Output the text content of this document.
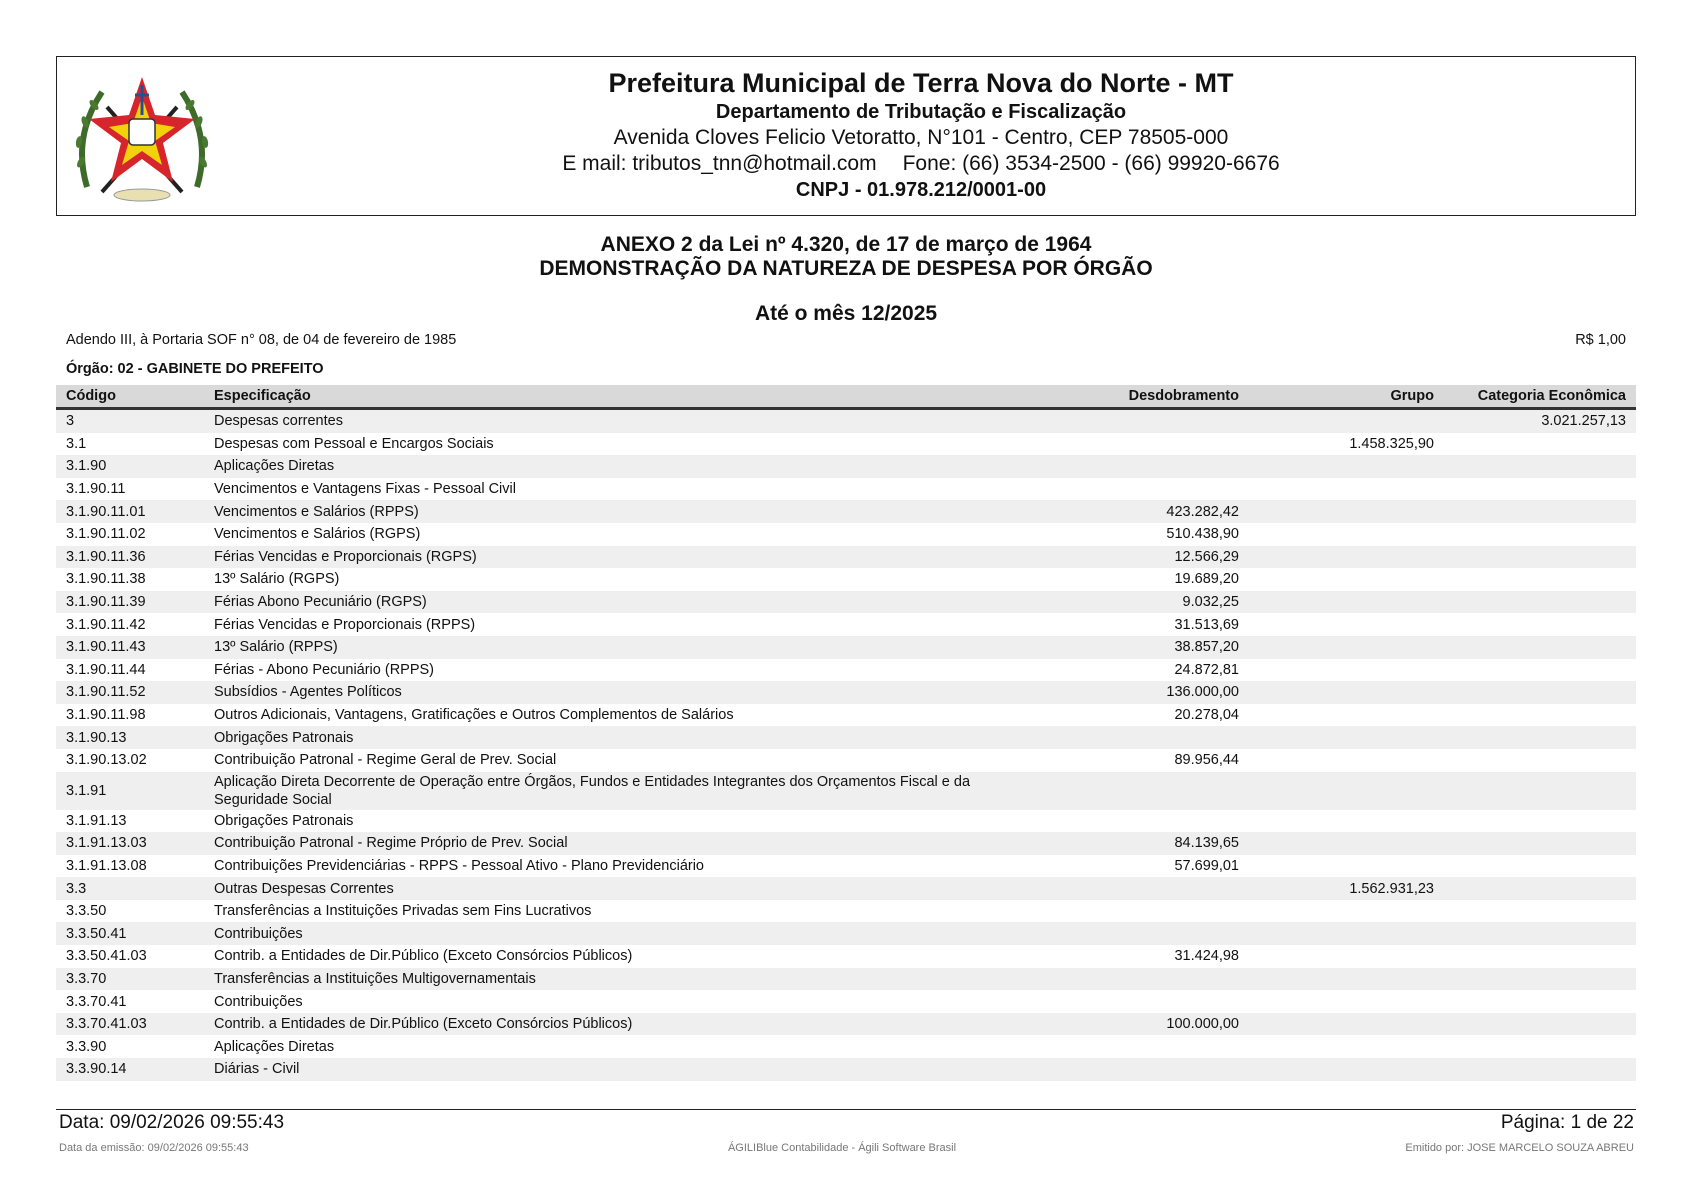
Prefeitura Municipal de Terra Nova do Norte - MT
Departamento de Tributação e Fiscalização
Avenida Cloves Felicio Vetoratto, N°101 - Centro, CEP 78505-000
E mail: tributos_tnn@hotmail.com Fone: (66) 3534-2500 - (66) 99920-6676
CNPJ - 01.978.212/0001-00
ANEXO 2 da Lei nº 4.320, de 17 de março de 1964
DEMONSTRAÇÃO DA NATUREZA DE DESPESA POR ÓRGÃO
Até o mês 12/2025
Adendo III, à Portaria SOF n° 08, de 04 de fevereiro de 1985	R$ 1,00
Órgão: 02 - GABINETE DO PREFEITO
Código	Especificação	Desdobramento	Grupo	Categoria Econômica
3	Despesas correntes			3.021.257,13
3.1	Despesas com Pessoal e Encargos Sociais		1.458.325,90	
3.1.90	Aplicações Diretas			
3.1.90.11	Vencimentos e Vantagens Fixas - Pessoal Civil			
3.1.90.11.01	Vencimentos e Salários (RPPS)	423.282,42		
3.1.90.11.02	Vencimentos e Salários (RGPS)	510.438,90		
3.1.90.11.36	Férias Vencidas e Proporcionais (RGPS)	12.566,29		
3.1.90.11.38	13º Salário (RGPS)	19.689,20		
3.1.90.11.39	Férias Abono Pecuniário (RGPS)	9.032,25		
3.1.90.11.42	Férias Vencidas e Proporcionais (RPPS)	31.513,69		
3.1.90.11.43	13º Salário (RPPS)	38.857,20		
3.1.90.11.44	Férias - Abono Pecuniário (RPPS)	24.872,81		
3.1.90.11.52	Subsídios - Agentes Políticos	136.000,00		
3.1.90.11.98	Outros Adicionais, Vantagens, Gratificações e Outros Complementos de Salários	20.278,04		
3.1.90.13	Obrigações Patronais			
3.1.90.13.02	Contribuição Patronal - Regime Geral de Prev. Social	89.956,44		
3.1.91	Aplicação Direta Decorrente de Operação entre Órgãos, Fundos e Entidades Integrantes dos Orçamentos Fiscal e da Seguridade Social			
3.1.91.13	Obrigações Patronais			
3.1.91.13.03	Contribuição Patronal - Regime Próprio de Prev. Social	84.139,65		
3.1.91.13.08	Contribuições Previdenciárias - RPPS - Pessoal Ativo - Plano Previdenciário	57.699,01		
3.3	Outras Despesas Correntes		1.562.931,23	
3.3.50	Transferências a Instituições Privadas sem Fins Lucrativos			
3.3.50.41	Contribuições			
3.3.50.41.03	Contrib. a Entidades de Dir.Público (Exceto Consórcios Públicos)	31.424,98		
3.3.70	Transferências a Instituições Multigovernamentais			
3.3.70.41	Contribuições			
3.3.70.41.03	Contrib. a Entidades de Dir.Público (Exceto Consórcios Públicos)	100.000,00		
3.3.90	Aplicações Diretas			
3.3.90.14	Diárias - Civil			
Data: 09/02/2026 09:55:43	Página: 1 de 22
Data da emissão: 09/02/2026 09:55:43	ÁGILIBlue Contabilidade - Ágili Software Brasil	Emitido por: JOSE MARCELO SOUZA ABREU
